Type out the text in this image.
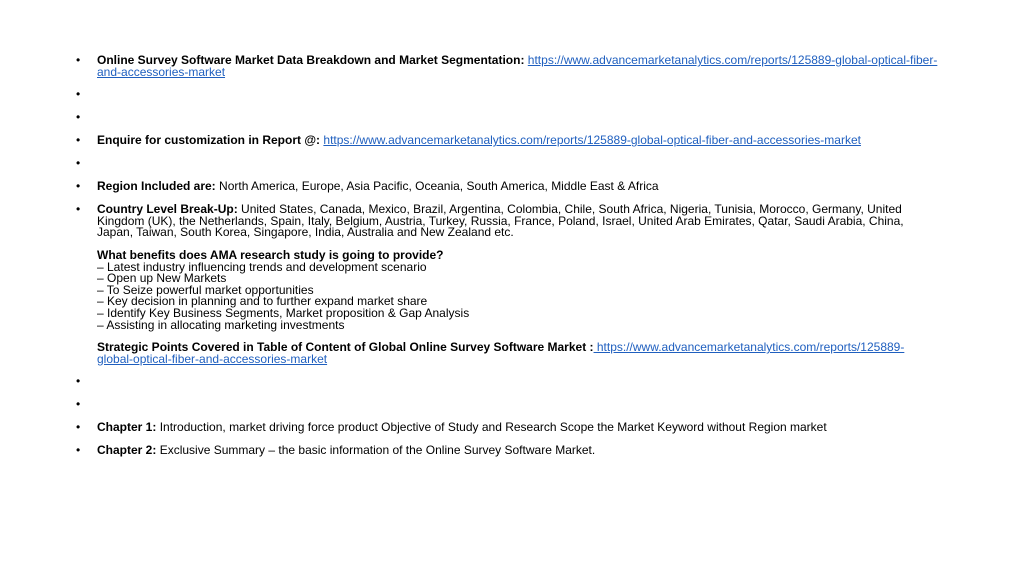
• Online Survey Software Market Data Breakdown and Market Segmentation: https://www.advancemarketanalytics.com/reports/125889-global-optical-fiber-and-accessories-market
•
•
• Enquire for customization in Report @: https://www.advancemarketanalytics.com/reports/125889-global-optical-fiber-and-accessories-market
•
• Region Included are: North America, Europe, Asia Pacific, Oceania, South America, Middle East & Africa
• Country Level Break-Up: United States, Canada, Mexico, Brazil, Argentina, Colombia, Chile, South Africa, Nigeria, Tunisia, Morocco, Germany, United Kingdom (UK), the Netherlands, Spain, Italy, Belgium, Austria, Turkey, Russia, France, Poland, Israel, United Arab Emirates, Qatar, Saudi Arabia, China, Japan, Taiwan, South Korea, Singapore, India, Australia and New Zealand etc.

What benefits does AMA research study is going to provide?
– Latest industry influencing trends and development scenario
– Open up New Markets
– To Seize powerful market opportunities
– Key decision in planning and to further expand market share
– Identify Key Business Segments, Market proposition & Gap Analysis
– Assisting in allocating marketing investments

Strategic Points Covered in Table of Content of Global Online Survey Software Market : https://www.advancemarketanalytics.com/reports/125889-global-optical-fiber-and-accessories-market

•
•
• Chapter 1: Introduction, market driving force product Objective of Study and Research Scope the Market Keyword without Region market
• Chapter 2: Exclusive Summary – the basic information of the Online Survey Software Market.
